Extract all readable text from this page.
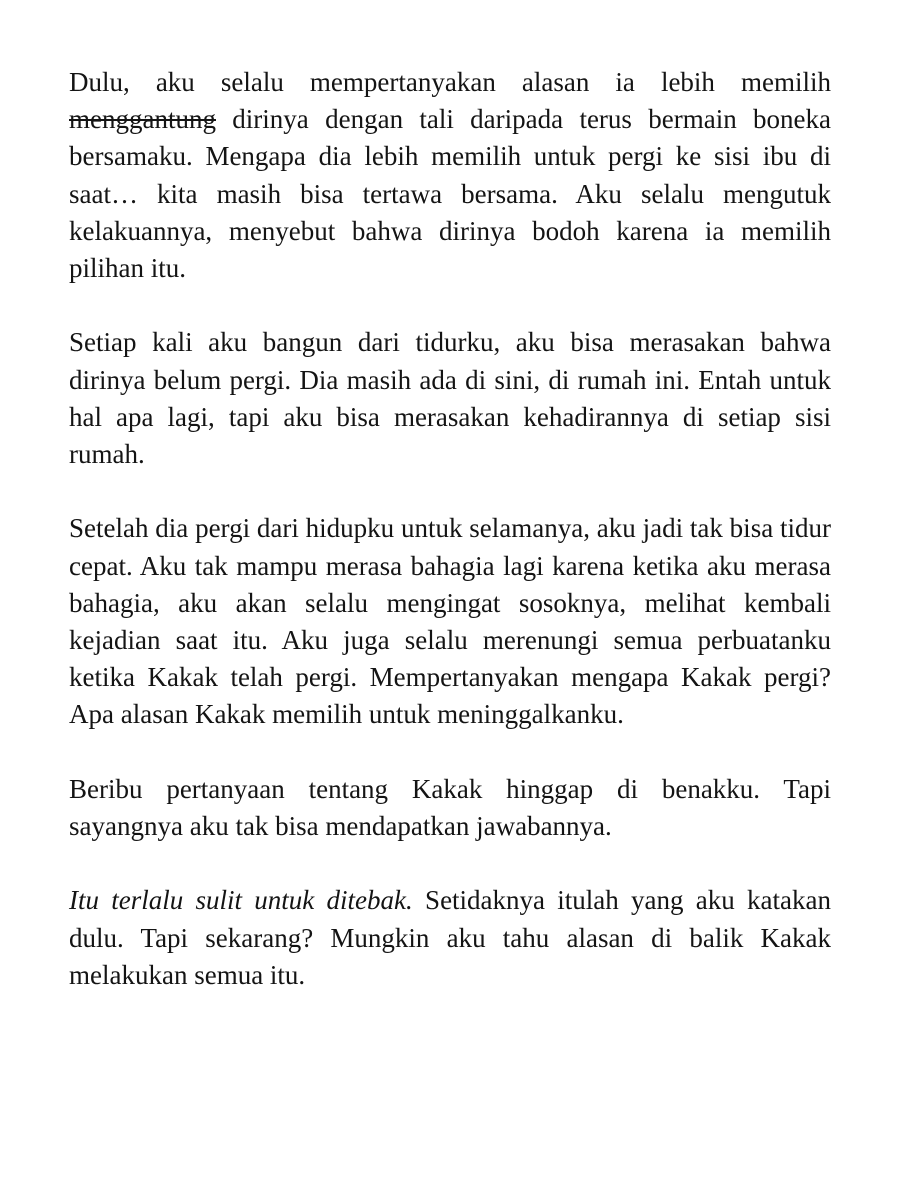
Dulu, aku selalu mempertanyakan alasan ia lebih memilih menggantung dirinya dengan tali daripada terus bermain boneka bersamaku. Mengapa dia lebih memilih untuk pergi ke sisi ibu di saat… kita masih bisa tertawa bersama. Aku selalu mengutuk kelakuannya, menyebut bahwa dirinya bodoh karena ia memilih pilihan itu.

Setiap kali aku bangun dari tidurku, aku bisa merasakan bahwa dirinya belum pergi. Dia masih ada di sini, di rumah ini. Entah untuk hal apa lagi, tapi aku bisa merasakan kehadirannya di setiap sisi rumah.

Setelah dia pergi dari hidupku untuk selamanya, aku jadi tak bisa tidur cepat. Aku tak mampu merasa bahagia lagi karena ketika aku merasa bahagia, aku akan selalu mengingat sosoknya, melihat kembali kejadian saat itu. Aku juga selalu merenungi semua perbuatanku ketika Kakak telah pergi. Mempertanyakan mengapa Kakak pergi? Apa alasan Kakak memilih untuk meninggalkanku.

Beribu pertanyaan tentang Kakak hinggap di benakku. Tapi sayangnya aku tak bisa mendapatkan jawabannya.

Itu terlalu sulit untuk ditebak. Setidaknya itulah yang aku katakan dulu. Tapi sekarang? Mungkin aku tahu alasan di balik Kakak melakukan semua itu.
